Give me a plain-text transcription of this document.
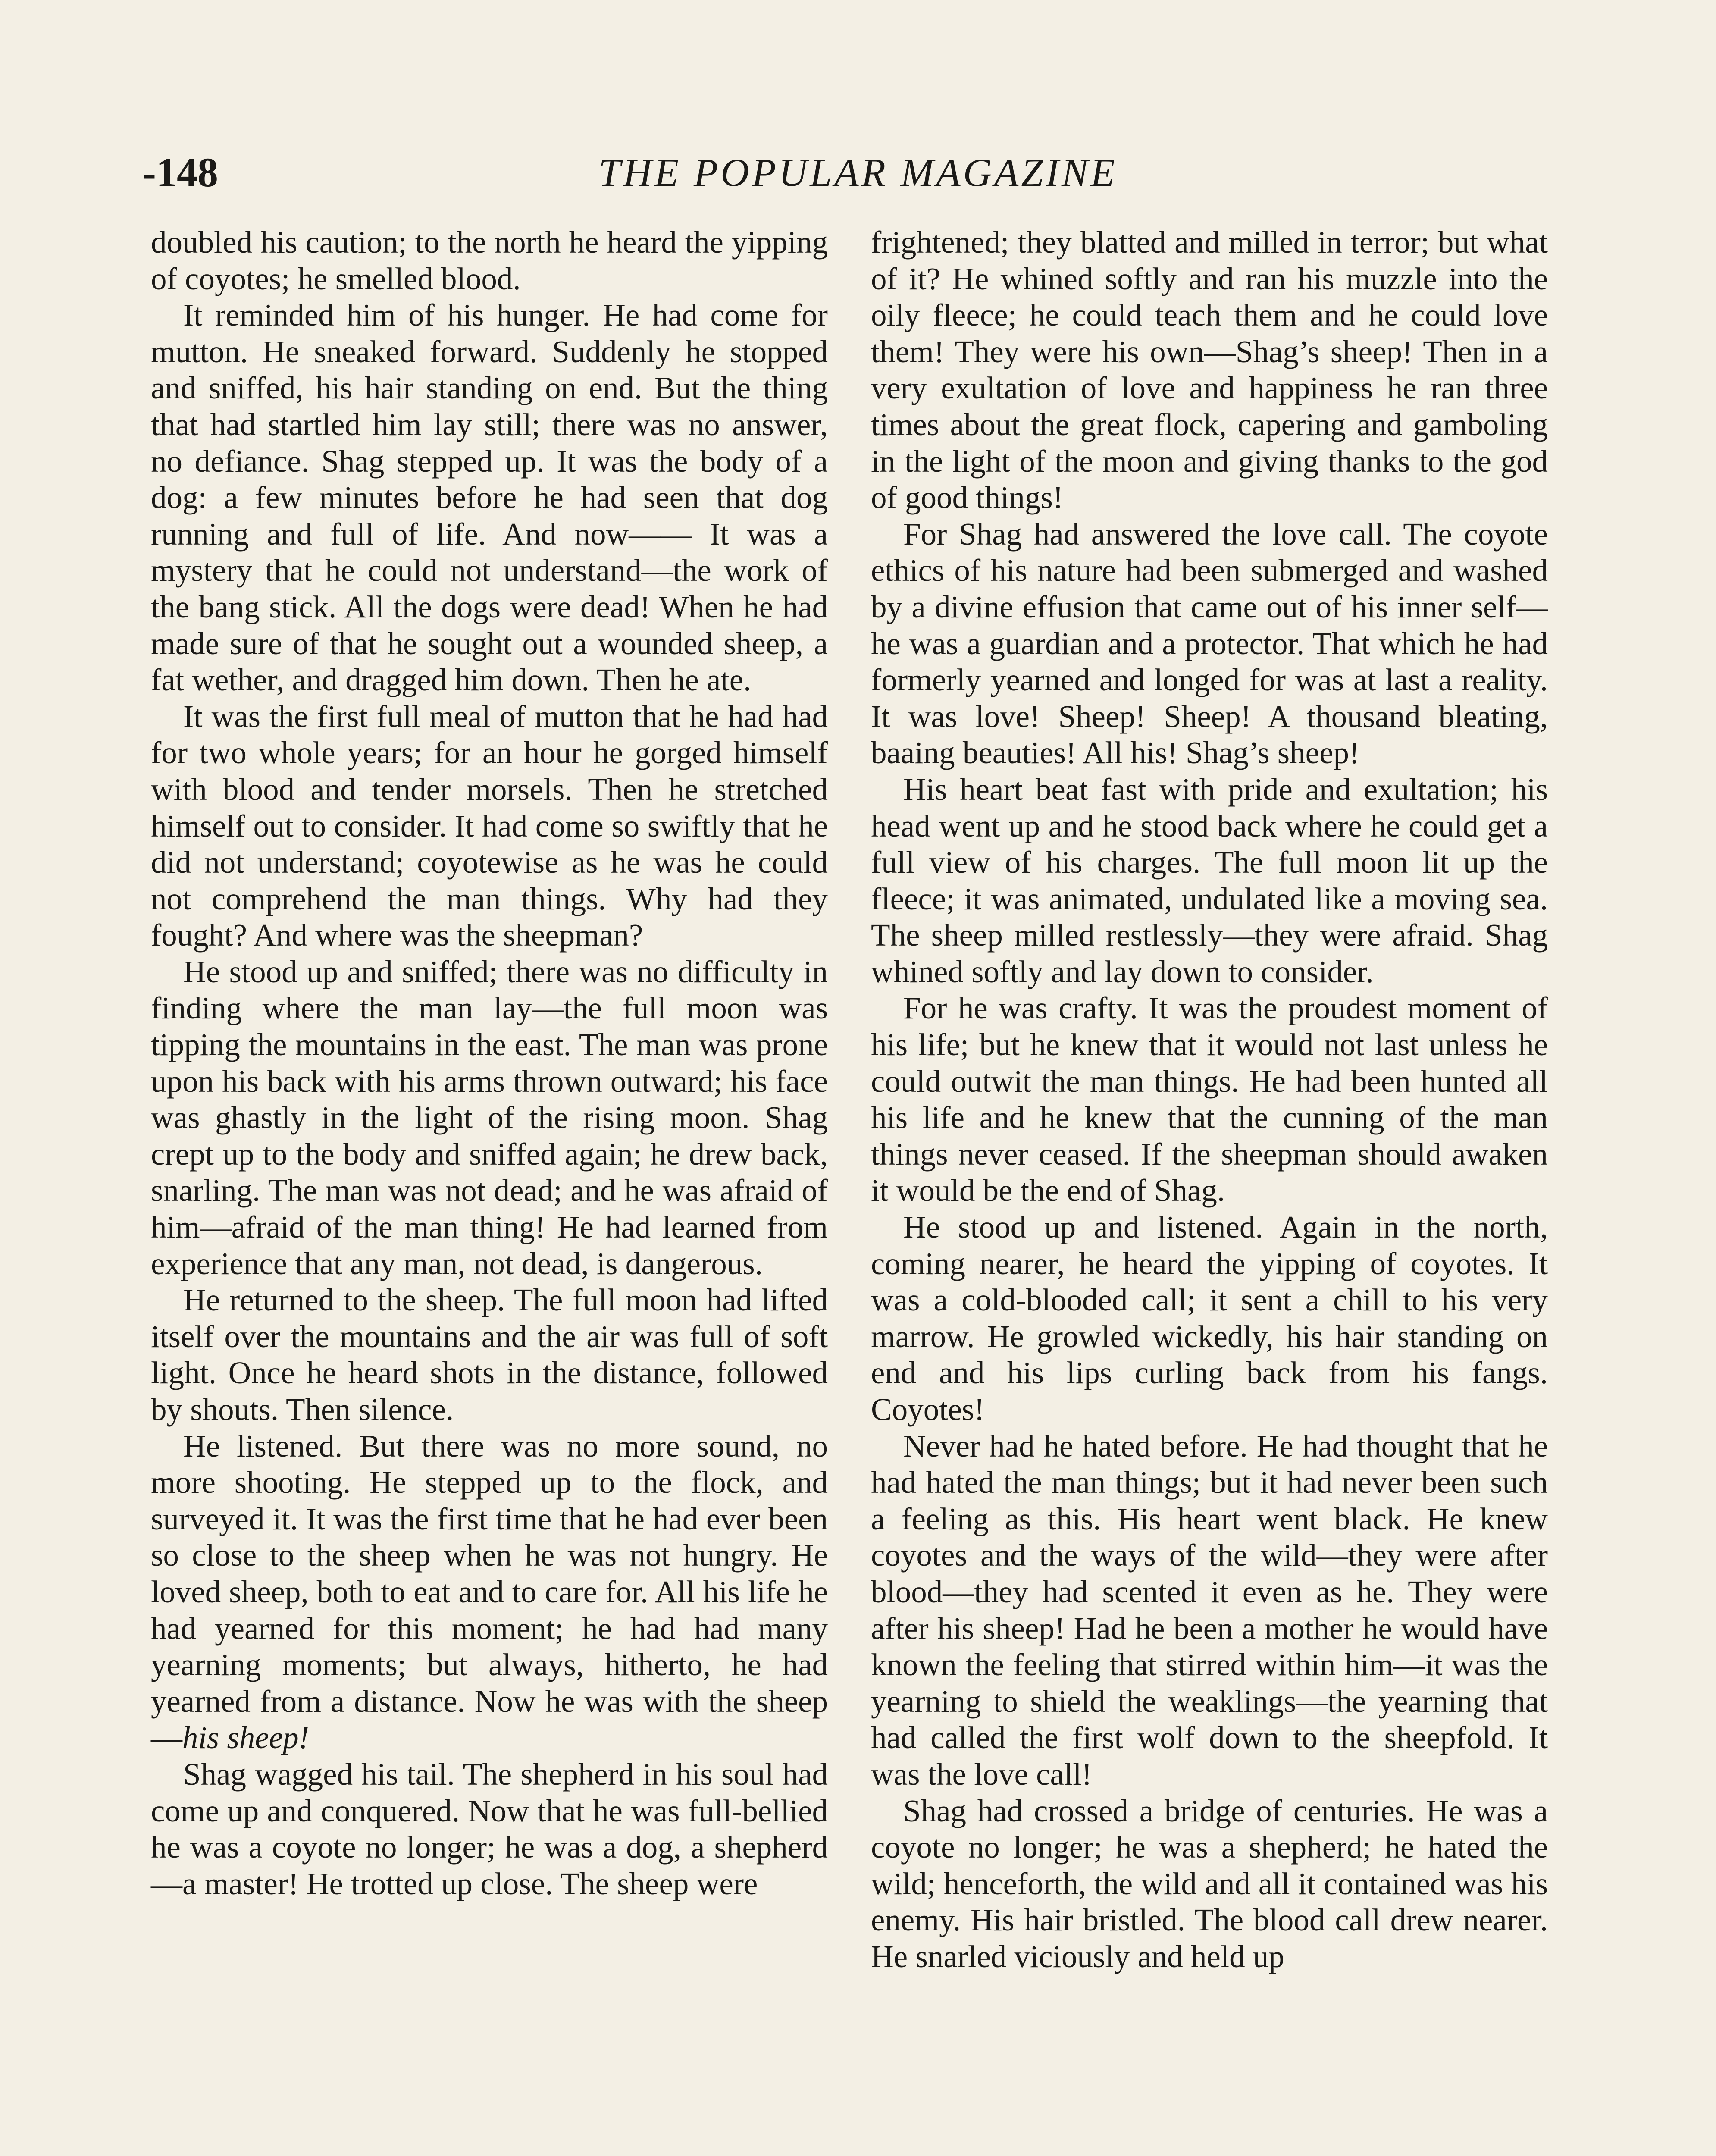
-148	THE POPULAR MAGAZINE

doubled his caution; to the north he heard the yipping of coyotes; he smelled blood.

It reminded him of his hunger. He had come for mutton. He sneaked forward. Suddenly he stopped and sniffed, his hair standing on end. But the thing that had startled him lay still; there was no answer, no defiance. Shag stepped up. It was the body of a dog: a few minutes before he had seen that dog running and full of life. And now—— It was a mystery that he could not understand—the work of the bang stick. All the dogs were dead! When he had made sure of that he sought out a wounded sheep, a fat wether, and dragged him down. Then he ate.

It was the first full meal of mutton that he had had for two whole years; for an hour he gorged himself with blood and tender morsels. Then he stretched himself out to consider. It had come so swiftly that he did not understand; coyotewise as he was he could not comprehend the man things. Why had they fought? And where was the sheepman?

He stood up and sniffed; there was no difficulty in finding where the man lay—the full moon was tipping the mountains in the east. The man was prone upon his back with his arms thrown outward; his face was ghastly in the light of the rising moon. Shag crept up to the body and sniffed again; he drew back, snarling. The man was not dead; and he was afraid of him—afraid of the man thing! He had learned from experience that any man, not dead, is dangerous.

He returned to the sheep. The full moon had lifted itself over the mountains and the air was full of soft light. Once he heard shots in the distance, followed by shouts. Then silence.

He listened. But there was no more sound, no more shooting. He stepped up to the flock, and surveyed it. It was the first time that he had ever been so close to the sheep when he was not hungry. He loved sheep, both to eat and to care for. All his life he had yearned for this moment; he had had many yearning moments; but always, hitherto, he had yearned from a distance. Now he was with the sheep—his sheep!

Shag wagged his tail. The shepherd in his soul had come up and conquered. Now that he was full-bellied he was a coyote no longer; he was a dog, a shepherd—a master! He trotted up close. The sheep were

frightened; they blatted and milled in terror; but what of it? He whined softly and ran his muzzle into the oily fleece; he could teach them and he could love them! They were his own—Shag’s sheep! Then in a very exultation of love and happiness he ran three times about the great flock, capering and gamboling in the light of the moon and giving thanks to the god of good things!

For Shag had answered the love call. The coyote ethics of his nature had been submerged and washed by a divine effusion that came out of his inner self—he was a guardian and a protector. That which he had formerly yearned and longed for was at last a reality. It was love! Sheep! Sheep! A thousand bleating, baaing beauties! All his! Shag’s sheep!

His heart beat fast with pride and exultation; his head went up and he stood back where he could get a full view of his charges. The full moon lit up the fleece; it was animated, undulated like a moving sea. The sheep milled restlessly—they were afraid. Shag whined softly and lay down to consider.

For he was crafty. It was the proudest moment of his life; but he knew that it would not last unless he could outwit the man things. He had been hunted all his life and he knew that the cunning of the man things never ceased. If the sheepman should awaken it would be the end of Shag.

He stood up and listened. Again in the north, coming nearer, he heard the yipping of coyotes. It was a cold-blooded call; it sent a chill to his very marrow. He growled wickedly, his hair standing on end and his lips curling back from his fangs. Coyotes!

Never had he hated before. He had thought that he had hated the man things; but it had never been such a feeling as this. His heart went black. He knew coyotes and the ways of the wild—they were after blood—they had scented it even as he. They were after his sheep! Had he been a mother he would have known the feeling that stirred within him—it was the yearning to shield the weaklings—the yearning that had called the first wolf down to the sheepfold. It was the love call!

Shag had crossed a bridge of centuries. He was a coyote no longer; he was a shepherd; he hated the wild; henceforth, the wild and all it contained was his enemy. His hair bristled. The blood call drew nearer. He snarled viciously and held up
